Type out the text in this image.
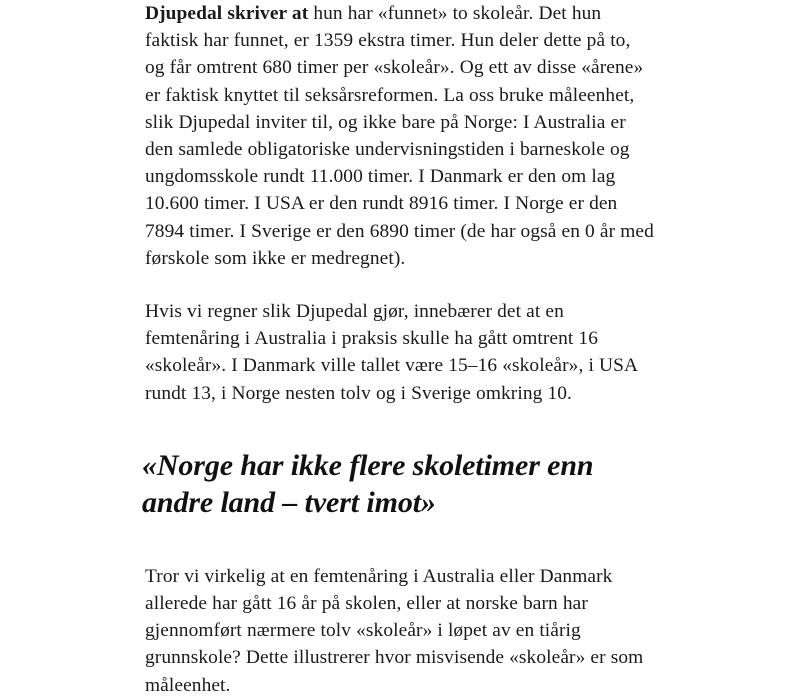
Djupedal skriver at hun har «funnet» to skoleår. Det hun faktisk har funnet, er 1359 ekstra timer. Hun deler dette på to, og får omtrent 680 timer per «skoleår». Og ett av disse «årene» er faktisk knyttet til seksårsreformen. La oss bruke måleenhet, slik Djupedal inviter til, og ikke bare på Norge: I Australia er den samlede obligatoriske undervisningstiden i barneskole og ungdomsskole rundt 11.000 timer. I Danmark er den om lag 10.600 timer. I USA er den rundt 8916 timer. I Norge er den 7894 timer. I Sverige er den 6890 timer (de har også en 0 år med førskole som ikke er medregnet).

Hvis vi regner slik Djupedal gjør, innebærer det at en femtenåring i Australia i praksis skulle ha gått omtrent 16 «skoleår». I Danmark ville tallet være 15–16 «skoleår», i USA rundt 13, i Norge nesten tolv og i Sverige omkring 10.

«Norge har ikke flere skoletimer enn andre land – tvert imot»

Tror vi virkelig at en femtenåring i Australia eller Danmark allerede har gått 16 år på skolen, eller at norske barn har gjennomført nærmere tolv «skoleår» i løpet av en tiårig grunnskole? Dette illustrerer hvor misvisende «skoleår» er som måleenhet.
